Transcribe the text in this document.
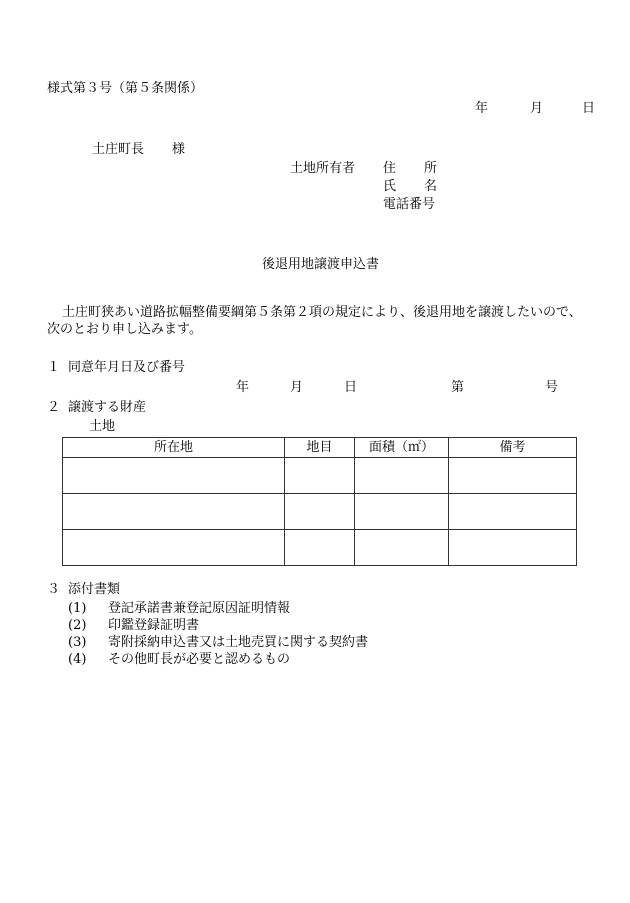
様式第３号（第５条関係）
年	月	日
土庄町長 様
土地所有者 住 所
氏 名
電話番号
後退用地譲渡申込書
土庄町狭あい道路拡幅整備要綱第５条第２項の規定により、後退用地を譲渡したいので、
次のとおり申し込みます。
１ 同意年月日及び番号
年	月	日	第	号
２ 譲渡する財産
土地
所在地	地目	面積（㎡）	備考

３ 添付書類
(1) 登記承諾書兼登記原因証明情報
(2) 印鑑登録証明書
(3) 寄附採納申込書又は土地売買に関する契約書
(4) その他町長が必要と認めるもの
